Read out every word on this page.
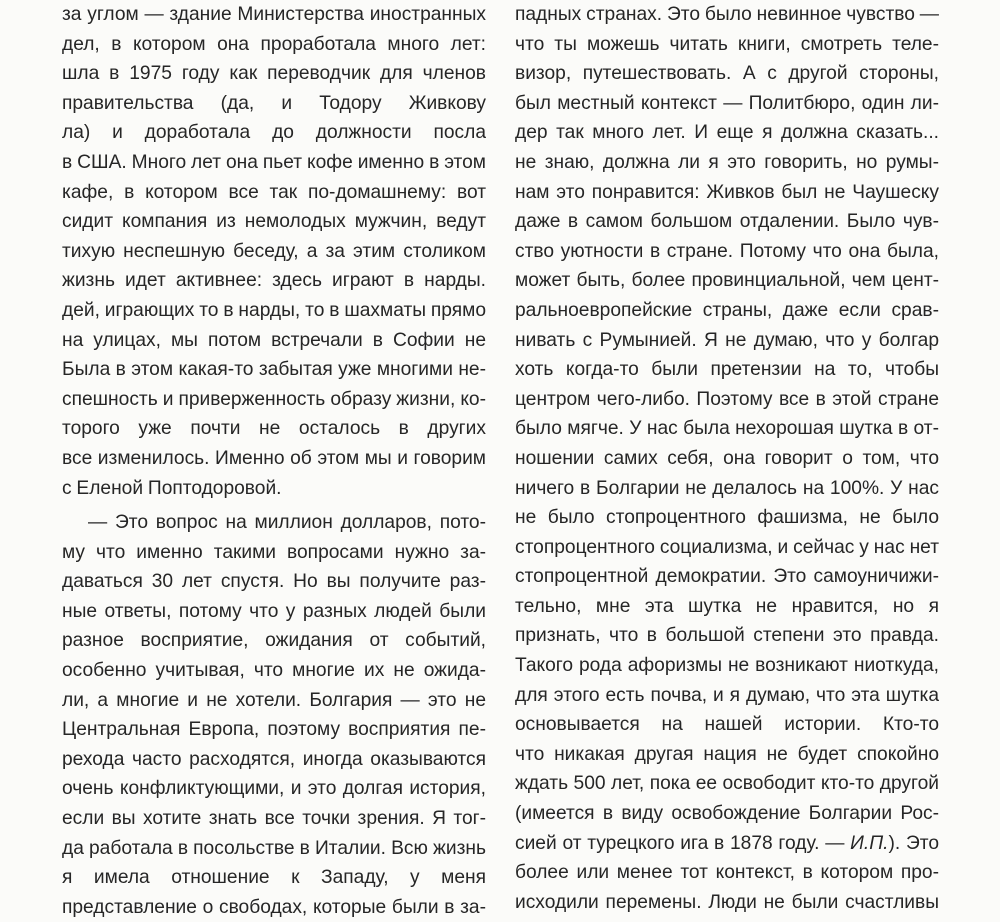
за углом — здание Министерства иностранных
дел, в котором она проработала много лет:
шла в 1975 году как переводчик для членов
правительства (да, и Тодору Живкову
ла) и доработала до должности посла
в США. Много лет она пьет кофе именно в этом
кафе, в котором все так по-домашнему: вот
сидит компания из немолодых мужчин, ведут
тихую неспешную беседу, а за этим столиком
жизнь идет активнее: здесь играют в нарды.
дей, играющих то в нарды, то в шахматы прямо
на улицах, мы потом встречали в Софии не
Была в этом какая-то забытая уже многими не-
спешность и приверженность образу жизни, ко-
торого уже почти не осталось в других
все изменилось. Именно об этом мы и говорим
с Еленой Поптодоровой.
— Это вопрос на миллион долларов, пото-
му что именно такими вопросами нужно за-
даваться 30 лет спустя. Но вы получите раз-
ные ответы, потому что у разных людей были
разное восприятие, ожидания от событий,
особенно учитывая, что многие их не ожида-
ли, а многие и не хотели. Болгария — это не
Центральная Европа, поэтому восприятия пе-
рехода часто расходятся, иногда оказываются
очень конфликтующими, и это долгая история,
если вы хотите знать все точки зрения. Я тог-
да работала в посольстве в Италии. Всю жизнь
я имела отношение к Западу, у меня
представление о свободах, которые были в за-
падных странах. Это было невинное чувство —
что ты можешь читать книги, смотреть теле-
визор, путешествовать. А с другой стороны,
был местный контекст — Политбюро, один ли-
дер так много лет. И еще я должна сказать...
не знаю, должна ли я это говорить, но румы-
нам это понравится: Живков был не Чаушеску
даже в самом большом отдалении. Было чув-
ство уютности в стране. Потому что она была,
может быть, более провинциальной, чем цент-
ральноевропейские страны, даже если срав-
нивать с Румынией. Я не думаю, что у болгар
хоть когда-то были претензии на то, чтобы
центром чего-либо. Поэтому все в этой стране
было мягче. У нас была нехорошая шутка в от-
ношении самих себя, она говорит о том, что
ничего в Болгарии не делалось на 100%. У нас
не было стопроцентного фашизма, не было
стопроцентного социализма, и сейчас у нас нет
стопроцентной демократии. Это самоуничижи-
тельно, мне эта шутка не нравится, но я
признать, что в большой степени это правда.
Такого рода афоризмы не возникают ниоткуда,
для этого есть почва, и я думаю, что эта шутка
основывается на нашей истории. Кто-то
что никакая другая нация не будет спокойно
ждать 500 лет, пока ее освободит кто-то другой
(имеется в виду освобождение Болгарии Рос-
сией от турецкого ига в 1878 году. — И.П.). Это
более или менее тот контекст, в котором про-
исходили перемены. Люди не были счастливы
